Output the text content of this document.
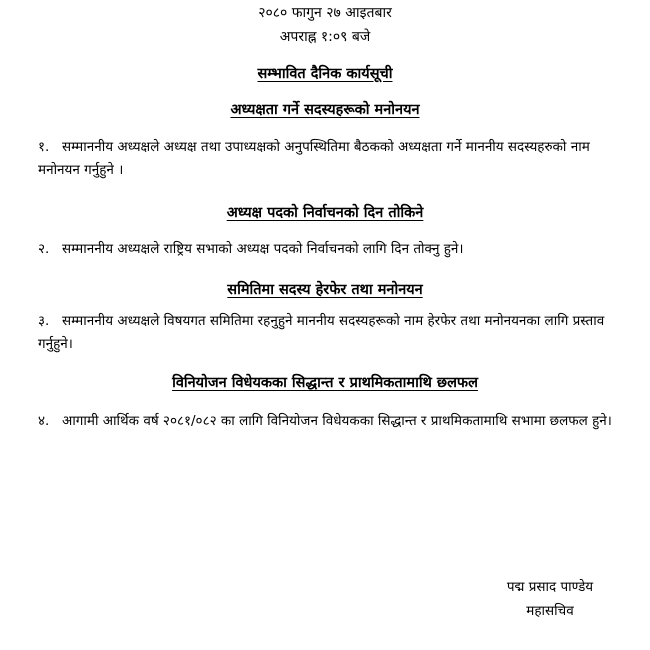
२०८० फागुन २७ आइतबार
अपराह्न १:०९ बजे
सम्भावित दैनिक कार्यसूची
अध्यक्षता गर्ने सदस्यहरूको मनोनयन
१. सम्माननीय अध्यक्षले अध्यक्ष तथा उपाध्यक्षको अनुपस्थितिमा बैठकको अध्यक्षता गर्ने माननीय सदस्यहरुको नाम मनोनयन गर्नुहुने ।
अध्यक्ष पदको निर्वाचनको दिन तोकिने
२. सम्माननीय अध्यक्षले राष्ट्रिय सभाको अध्यक्ष पदको निर्वाचनको लागि दिन तोक्नु हुने।
समितिमा सदस्य हेरफेर तथा मनोनयन
३. सम्माननीय अध्यक्षले विषयगत समितिमा रहनुहुने माननीय सदस्यहरूको नाम हेरफेर तथा मनोनयनका लागि प्रस्ताव गर्नुहुने।
विनियोजन विधेयकका सिद्धान्त र प्राथमिकतामाथि छलफल
४. आगामी आर्थिक वर्ष २०८१/०८२ का लागि विनियोजन विधेयकका सिद्धान्त र प्राथमिकतामाथि सभामा छलफल हुने।
पद्म प्रसाद पाण्डेय
महासचिव
